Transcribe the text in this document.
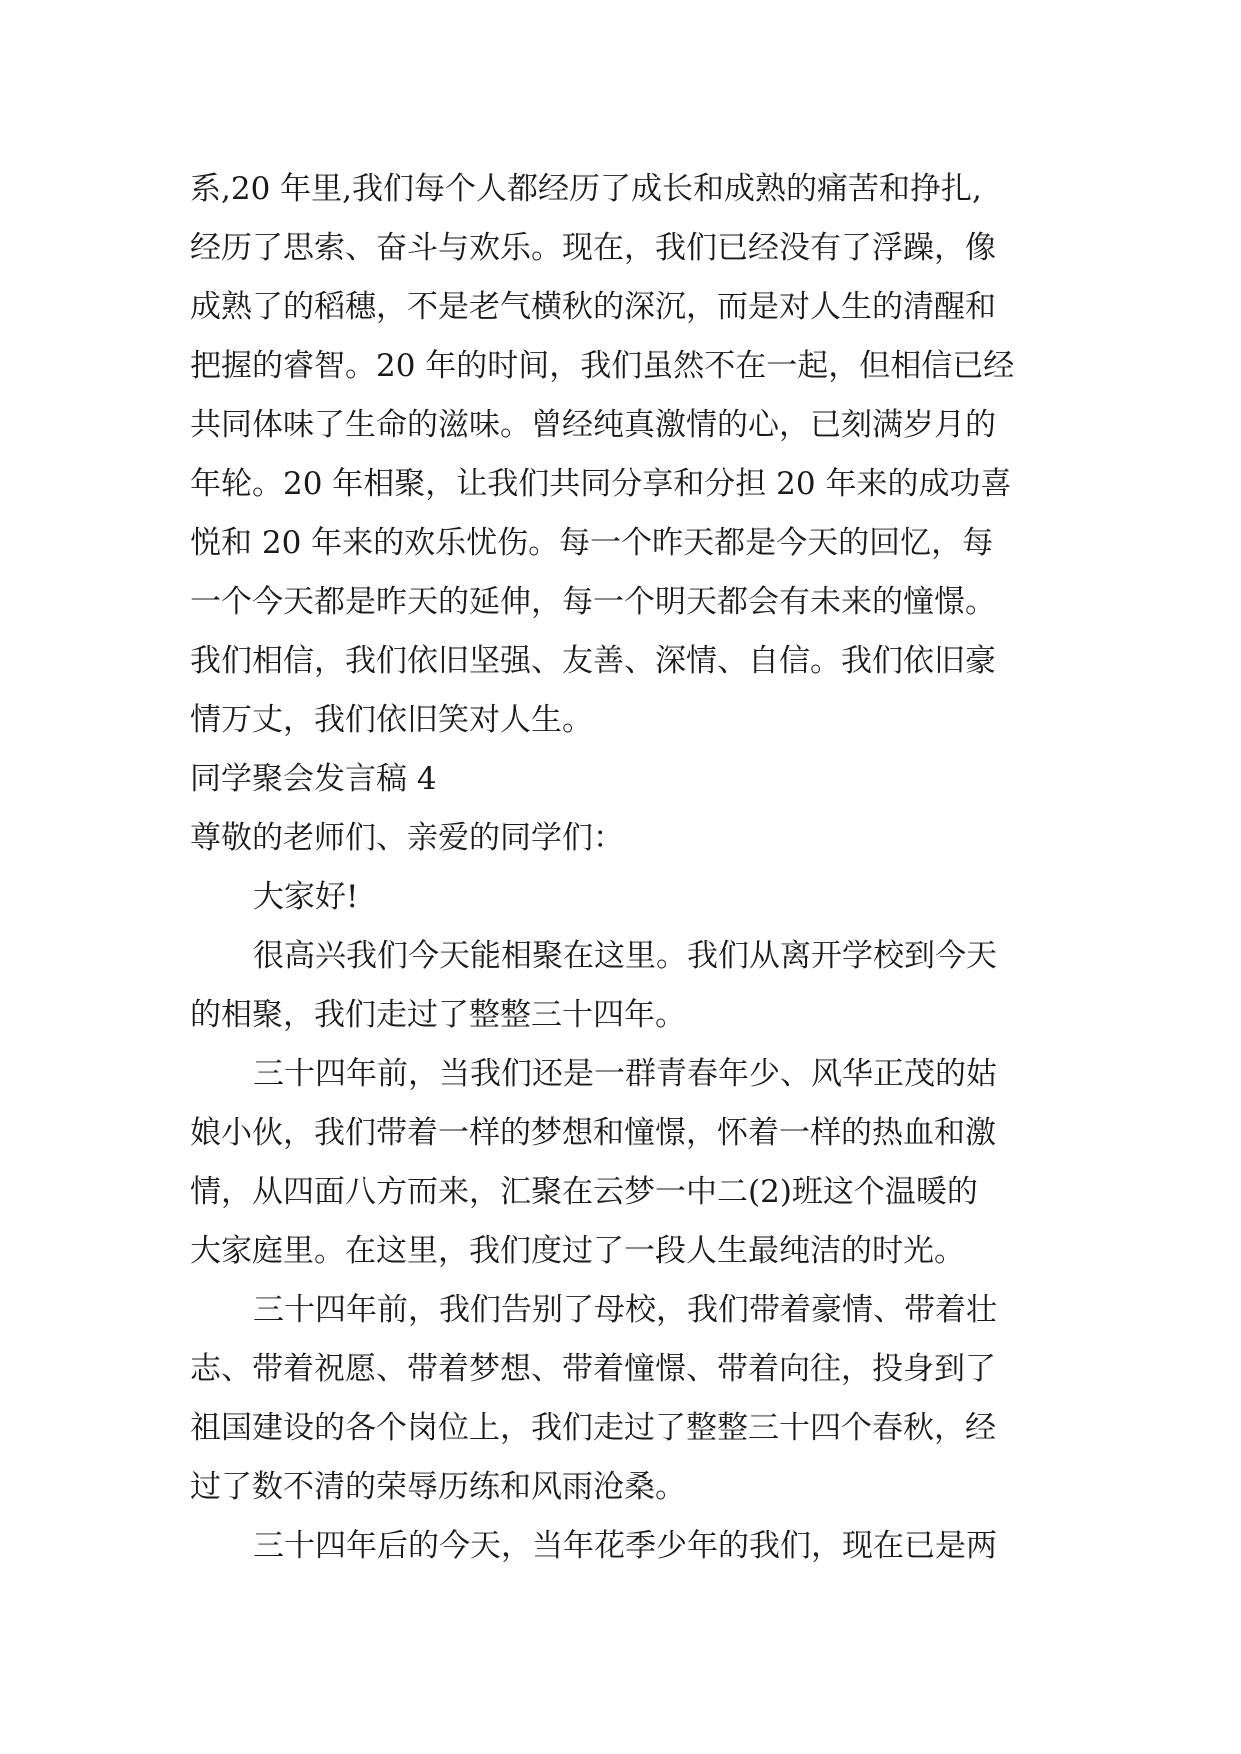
系,20 年里,我们每个人都经历了成长和成熟的痛苦和挣扎,
经历了思索、奋斗与欢乐。现在，我们已经没有了浮躁，像
成熟了的稻穗，不是老气横秋的深沉，而是对人生的清醒和
把握的睿智。20 年的时间，我们虽然不在一起，但相信已经
共同体味了生命的滋味。曾经纯真激情的心，已刻满岁月的
年轮。20 年相聚，让我们共同分享和分担 20 年来的成功喜
悦和 20 年来的欢乐忧伤。每一个昨天都是今天的回忆，每
一个今天都是昨天的延伸，每一个明天都会有未来的憧憬。
我们相信，我们依旧坚强、友善、深情、自信。我们依旧豪
情万丈，我们依旧笑对人生。
同学聚会发言稿 4
尊敬的老师们、亲爱的同学们：
大家好!
很高兴我们今天能相聚在这里。我们从离开学校到今天
的相聚，我们走过了整整三十四年。
三十四年前，当我们还是一群青春年少、风华正茂的姑
娘小伙，我们带着一样的梦想和憧憬，怀着一样的热血和激
情，从四面八方而来，汇聚在云梦一中二(2)班这个温暖的
大家庭里。在这里，我们度过了一段人生最纯洁的时光。
三十四年前，我们告别了母校，我们带着豪情、带着壮
志、带着祝愿、带着梦想、带着憧憬、带着向往，投身到了
祖国建设的各个岗位上，我们走过了整整三十四个春秋，经
过了数不清的荣辱历练和风雨沧桑。
三十四年后的今天，当年花季少年的我们，现在已是两
